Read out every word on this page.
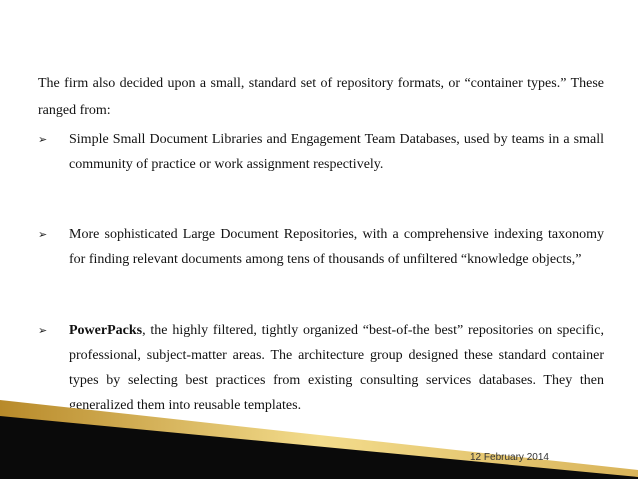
The firm also decided upon a small, standard set of repository formats, or “container types.” These ranged from:
➢	Simple Small Document Libraries and Engagement Team Databases, used by teams in a small community of practice or work assignment respectively.
➢	More sophisticated Large Document Repositories, with a comprehensive indexing taxonomy for finding relevant documents among tens of thousands of unfiltered “knowledge objects,”
➢	PowerPacks, the highly filtered, tightly organized “best-of-the best” repositories on specific, professional, subject-matter areas. The architecture group designed these standard container types by selecting best practices from existing consulting services databases. They then generalized them into reusable templates.
12 February 2014
